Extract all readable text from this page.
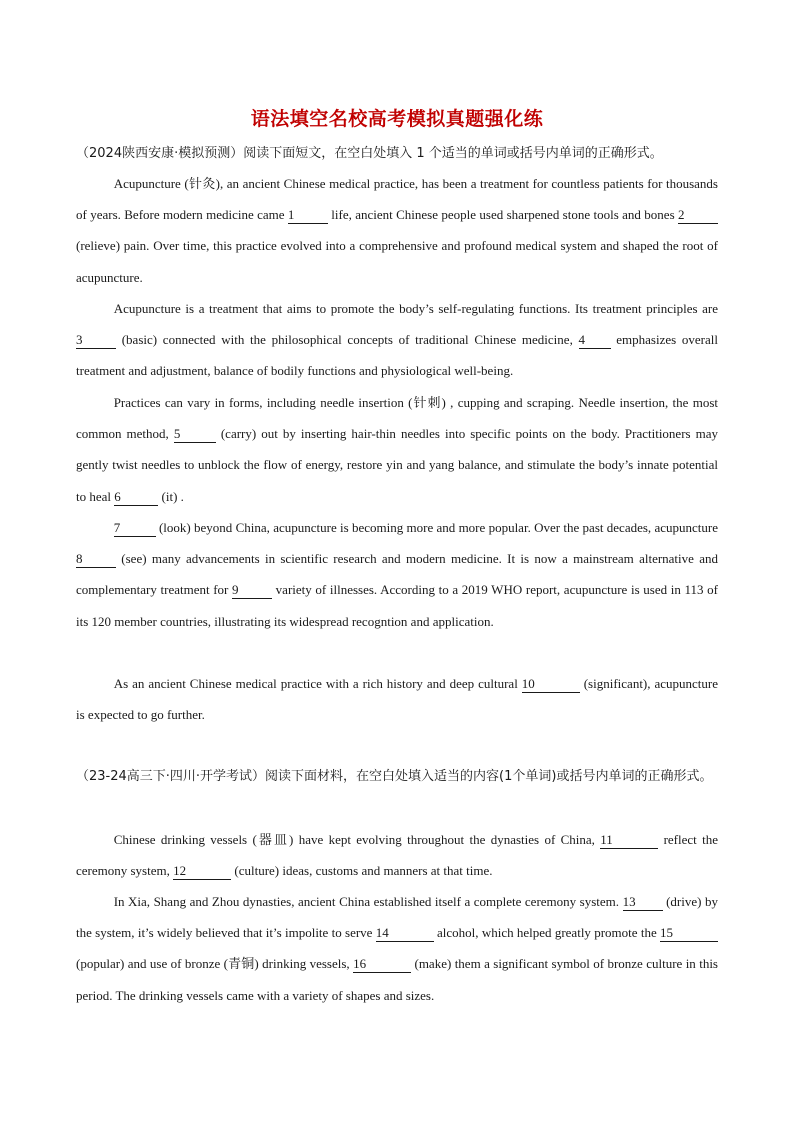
语法填空名校高考模拟真题强化练
（2024陕西安康·模拟预测）阅读下面短文，在空白处填入 1 个适当的单词或括号内单词的正确形式。
Acupuncture (针灸), an ancient Chinese medical practice, has been a treatment for countless patients for thousands of years. Before modern medicine came 1	life, ancient Chinese people used sharpened stone tools and bones 2 (relieve) pain. Over time, this practice evolved into a comprehensive and profound medical system and shaped the root of acupuncture.
Acupuncture is a treatment that aims to promote the body’s self-regulating functions. Its treatment principles are 3	(basic) connected with the philosophical concepts of traditional Chinese medicine, 4 emphasizes overall treatment and adjustment, balance of bodily functions and physiological well-being.
Practices can vary in forms, including needle insertion (针刺) , cupping and scraping. Needle insertion, the most common method, 5	(carry) out by inserting hair-thin needles into specific points on the body. Practitioners may gently twist needles to unblock the flow of energy, restore yin and yang balance, and stimulate the body’s innate potential to heal 6	(it) .
7	(look) beyond China, acupuncture is becoming more and more popular. Over the past decades, acupuncture 8	(see) many advancements in scientific research and modern medicine. It is now a mainstream alternative and complementary treatment for 9	variety of illnesses. According to a 2019 WHO report, acupuncture is used in 113 of its 120 member countries, illustrating its widespread recogntion and application.
As an ancient Chinese medical practice with a rich history and deep cultural 10	(significant), acupuncture is expected to go further.
（23-24高三下·四川·开学考试）阅读下面材料，在空白处填入适当的内容(1个单词)或括号内单词的正确形式。
Chinese drinking vessels (器皿) have kept evolving throughout the dynasties of China, 11	reflect the ceremony system, 12	(culture) ideas, customs and manners at that time.
In Xia, Shang and Zhou dynasties, ancient China established itself a complete ceremony system. 13 (drive) by the system, it’s widely believed that it’s impolite to serve 14	alcohol, which helped greatly promote the 15 (popular) and use of bronze (青铜) drinking vessels, 16	(make) them a significant symbol of bronze culture in this period. The drinking vessels came with a variety of shapes and sizes.
